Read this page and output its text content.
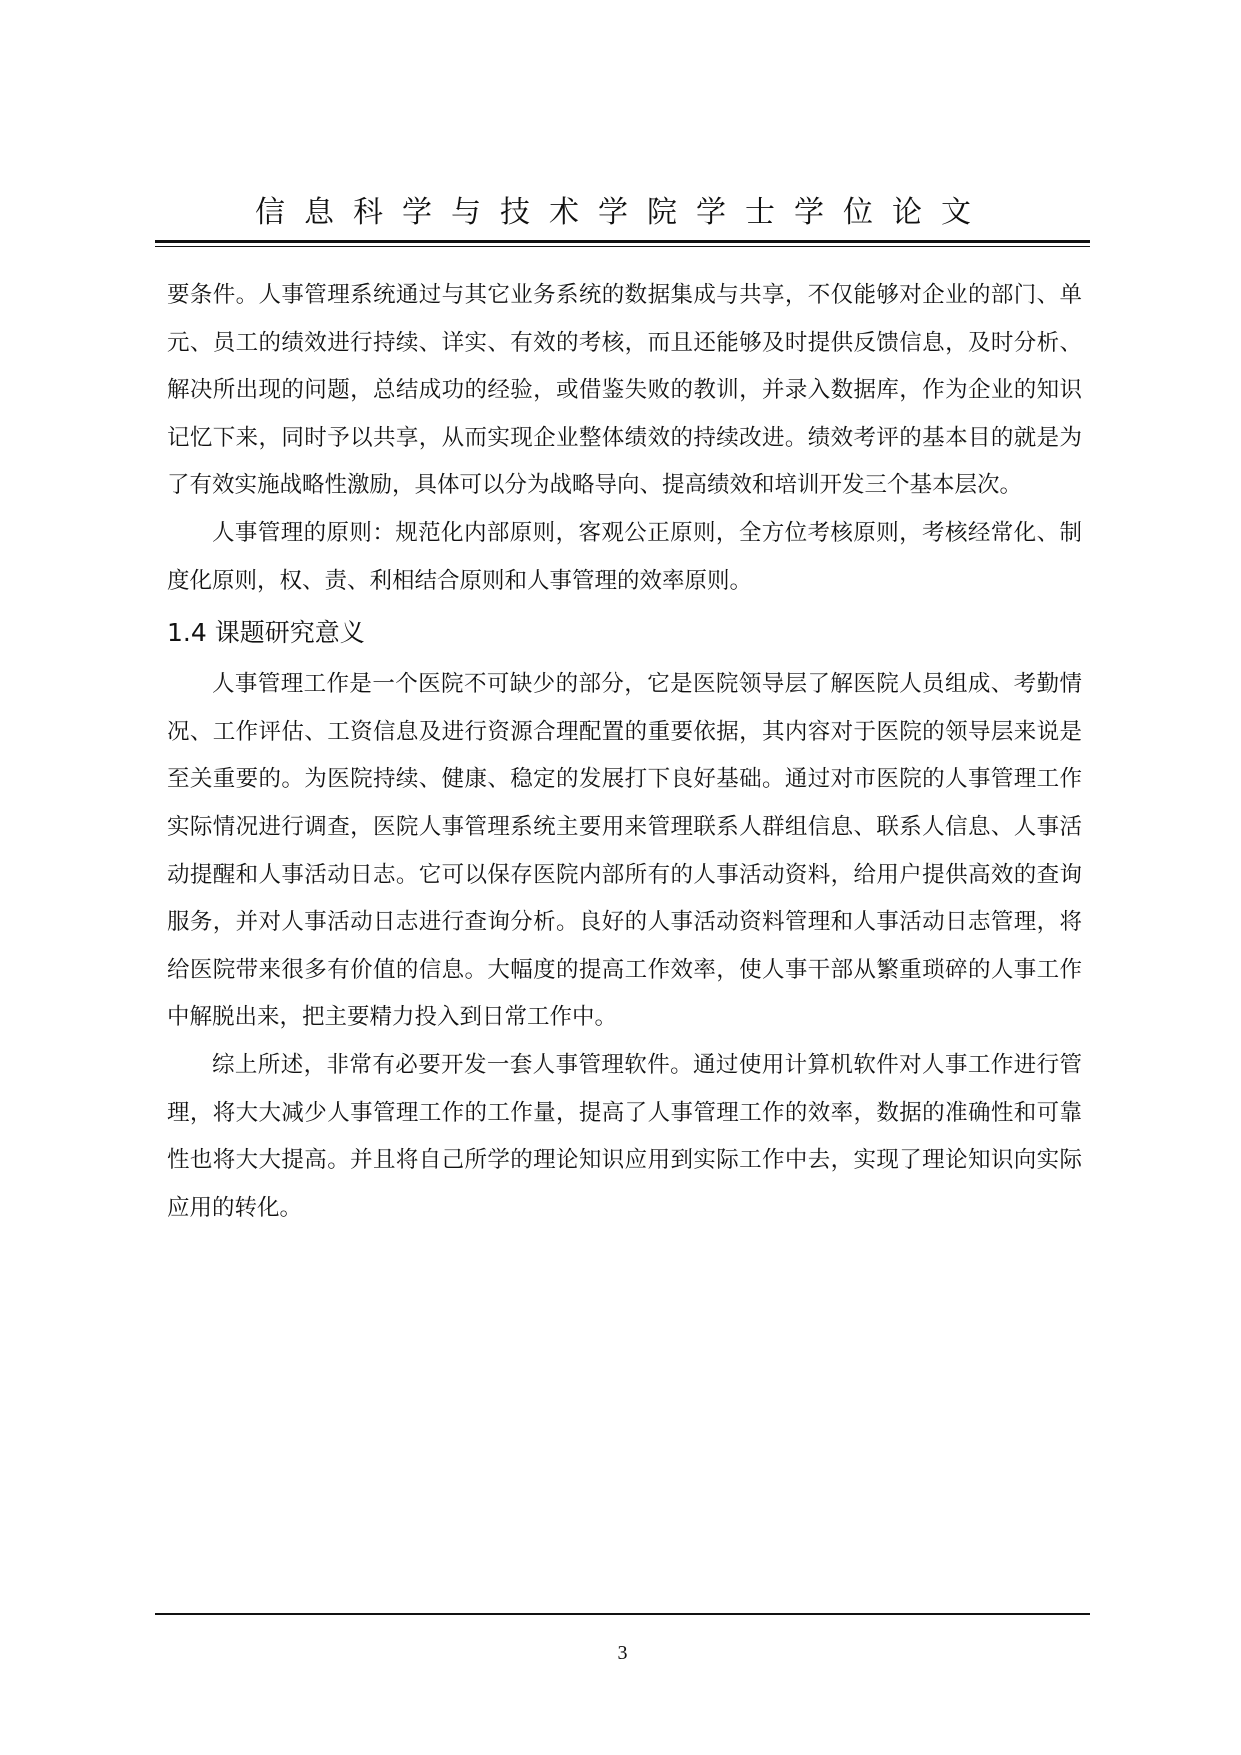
信息科学与技术学院学士学位论文

要条件。人事管理系统通过与其它业务系统的数据集成与共享，不仅能够对企业的部门、单元、员工的绩效进行持续、详实、有效的考核，而且还能够及时提供反馈信息，及时分析、解决所出现的问题，总结成功的经验，或借鉴失败的教训，并录入数据库，作为企业的知识记忆下来，同时予以共享，从而实现企业整体绩效的持续改进。绩效考评的基本目的就是为了有效实施战略性激励，具体可以分为战略导向、提高绩效和培训开发三个基本层次。

人事管理的原则：规范化内部原则，客观公正原则，全方位考核原则，考核经常化、制度化原则，权、责、利相结合原则和人事管理的效率原则。

1.4 课题研究意义

人事管理工作是一个医院不可缺少的部分，它是医院领导层了解医院人员组成、考勤情况、工作评估、工资信息及进行资源合理配置的重要依据，其内容对于医院的领导层来说是至关重要的。为医院持续、健康、稳定的发展打下良好基础。通过对市医院的人事管理工作实际情况进行调查，医院人事管理系统主要用来管理联系人群组信息、联系人信息、人事活动提醒和人事活动日志。它可以保存医院内部所有的人事活动资料，给用户提供高效的查询服务，并对人事活动日志进行查询分析。良好的人事活动资料管理和人事活动日志管理，将给医院带来很多有价值的信息。大幅度的提高工作效率，使人事干部从繁重琐碎的人事工作中解脱出来，把主要精力投入到日常工作中。

综上所述，非常有必要开发一套人事管理软件。通过使用计算机软件对人事工作进行管理，将大大减少人事管理工作的工作量，提高了人事管理工作的效率，数据的准确性和可靠性也将大大提高。并且将自己所学的理论知识应用到实际工作中去，实现了理论知识向实际应用的转化。

3
